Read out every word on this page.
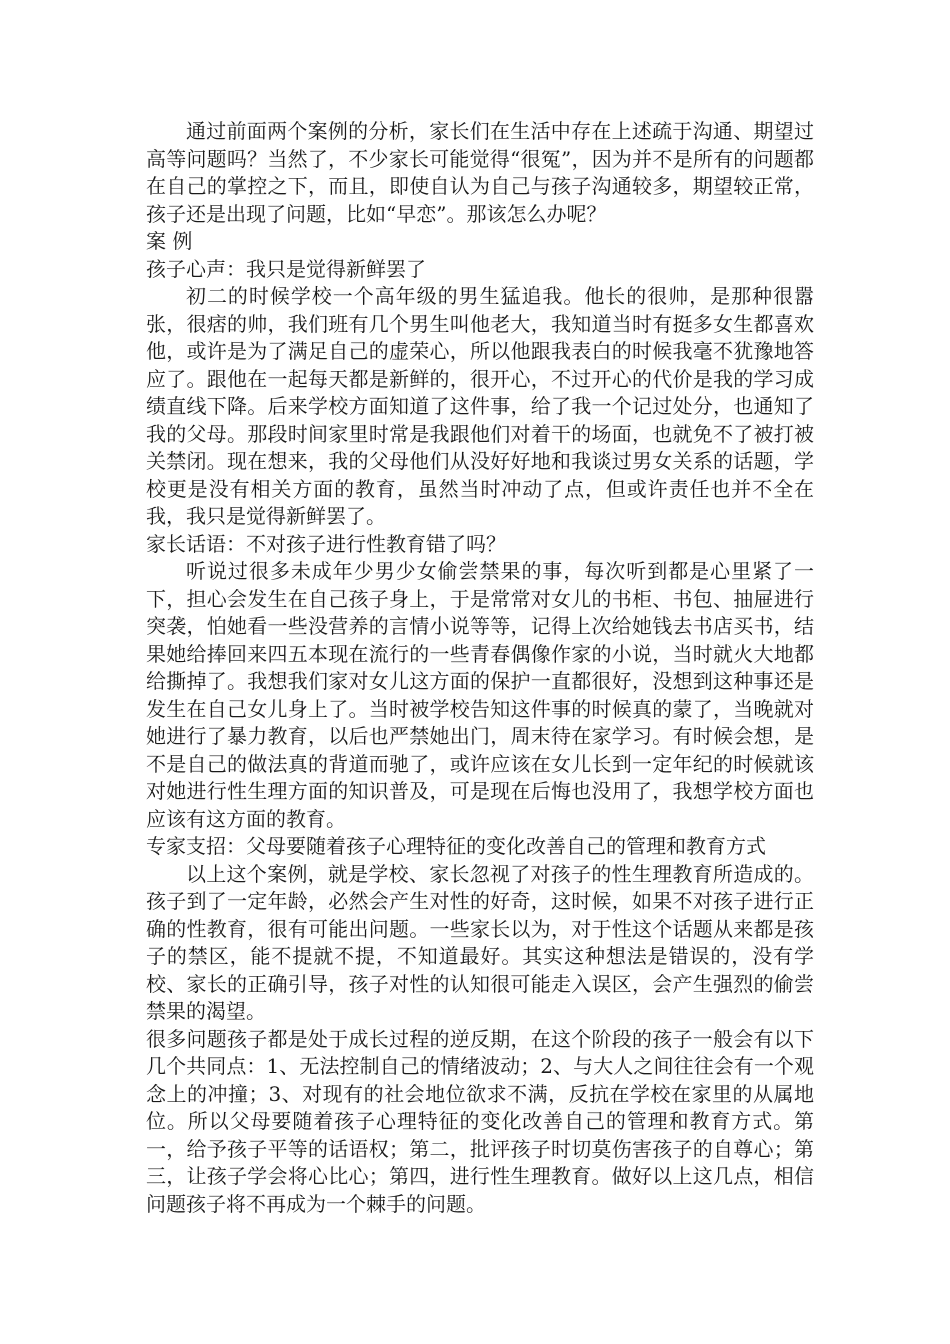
通过前面两个案例的分析，家长们在生活中存在上述疏于沟通、期望过高等问题吗？当然了，不少家长可能觉得“很冤”，因为并不是所有的问题都在自己的掌控之下，而且，即使自认为自己与孩子沟通较多，期望较正常，孩子还是出现了问题，比如“早恋”。那该怎么办呢？

案 例

孩子心声：我只是觉得新鲜罢了

初二的时候学校一个高年级的男生猛追我。他长的很帅，是那种很嚣张，很痞的帅，我们班有几个男生叫他老大，我知道当时有挺多女生都喜欢他，或许是为了满足自己的虚荣心，所以他跟我表白的时候我毫不犹豫地答应了。跟他在一起每天都是新鲜的，很开心，不过开心的代价是我的学习成绩直线下降。后来学校方面知道了这件事，给了我一个记过处分，也通知了我的父母。那段时间家里时常是我跟他们对着干的场面，也就免不了被打被关禁闭。现在想来，我的父母他们从没好好地和我谈过男女关系的话题，学校更是没有相关方面的教育，虽然当时冲动了点，但或许责任也并不全在我，我只是觉得新鲜罢了。

家长话语：不对孩子进行性教育错了吗？

听说过很多未成年少男少女偷尝禁果的事，每次听到都是心里紧了一下，担心会发生在自己孩子身上，于是常常对女儿的书柜、书包、抽屉进行突袭，怕她看一些没营养的言情小说等等，记得上次给她钱去书店买书，结果她给捧回来四五本现在流行的一些青春偶像作家的小说，当时就火大地都给撕掉了。我想我们家对女儿这方面的保护一直都很好，没想到这种事还是发生在自己女儿身上了。当时被学校告知这件事的时候真的蒙了，当晚就对她进行了暴力教育，以后也严禁她出门，周末待在家学习。有时候会想，是不是自己的做法真的背道而驰了，或许应该在女儿长到一定年纪的时候就该对她进行性生理方面的知识普及，可是现在后悔也没用了，我想学校方面也应该有这方面的教育。

专家支招：父母要随着孩子心理特征的变化改善自己的管理和教育方式

以上这个案例，就是学校、家长忽视了对孩子的性生理教育所造成的。孩子到了一定年龄，必然会产生对性的好奇，这时候，如果不对孩子进行正确的性教育，很有可能出问题。一些家长以为，对于性这个话题从来都是孩子的禁区，能不提就不提，不知道最好。其实这种想法是错误的，没有学校、家长的正确引导，孩子对性的认知很可能走入误区，会产生强烈的偷尝禁果的渴望。

很多问题孩子都是处于成长过程的逆反期，在这个阶段的孩子一般会有以下几个共同点：1、无法控制自己的情绪波动；2、与大人之间往往会有一个观念上的冲撞；3、对现有的社会地位欲求不满，反抗在学校在家里的从属地位。所以父母要随着孩子心理特征的变化改善自己的管理和教育方式。第一，给予孩子平等的话语权；第二，批评孩子时切莫伤害孩子的自尊心；第三，让孩子学会将心比心；第四，进行性生理教育。做好以上这几点，相信问题孩子将不再成为一个棘手的问题。
